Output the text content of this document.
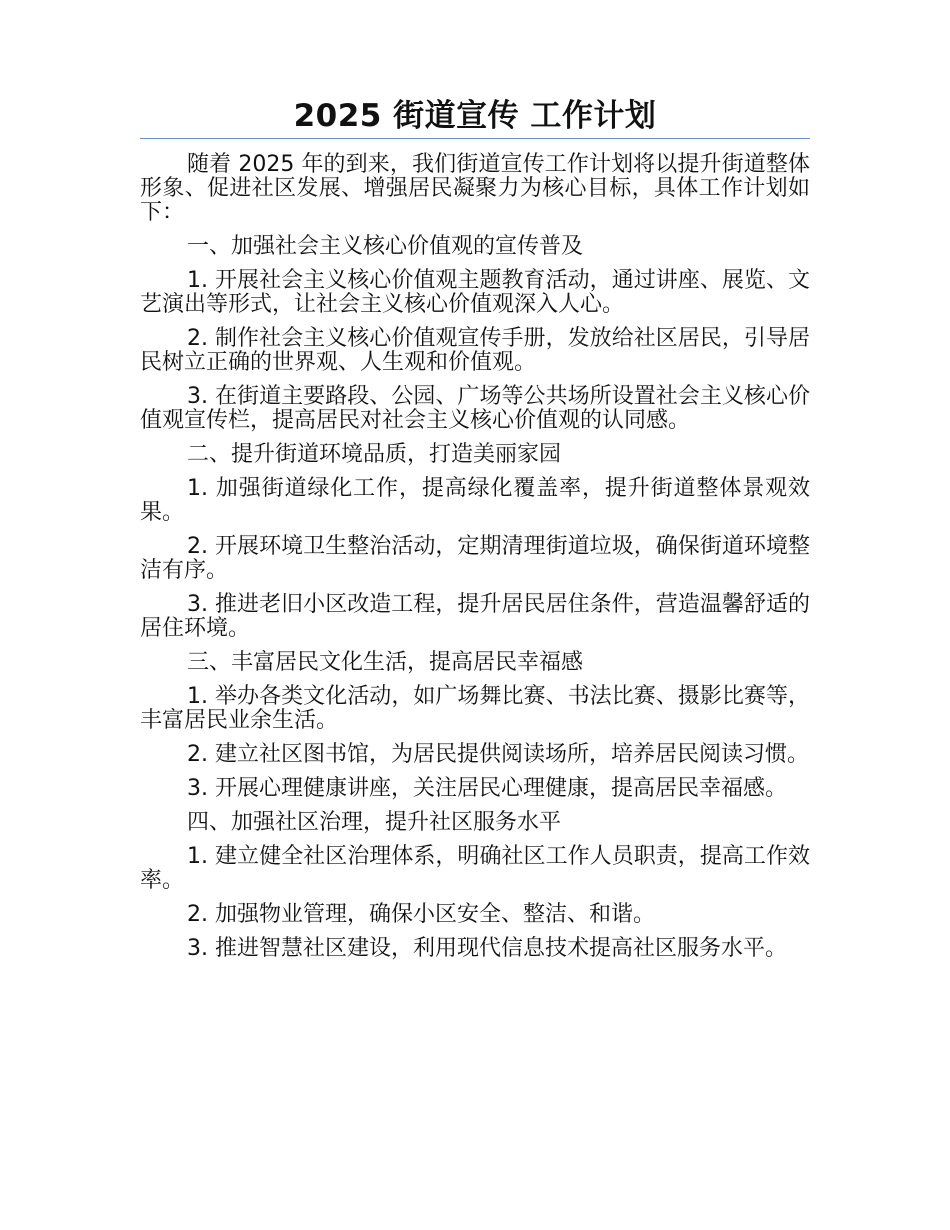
2025 街道宣传 工作计划

随着 2025 年的到来，我们街道宣传工作计划将以提升街道整体形象、促进社区发展、增强居民凝聚力为核心目标，具体工作计划如下：

一、加强社会主义核心价值观的宣传普及

1. 开展社会主义核心价值观主题教育活动，通过讲座、展览、文艺演出等形式，让社会主义核心价值观深入人心。

2. 制作社会主义核心价值观宣传手册，发放给社区居民，引导居民树立正确的世界观、人生观和价值观。

3. 在街道主要路段、公园、广场等公共场所设置社会主义核心价值观宣传栏，提高居民对社会主义核心价值观的认同感。

二、提升街道环境品质，打造美丽家园

1. 加强街道绿化工作，提高绿化覆盖率，提升街道整体景观效果。

2. 开展环境卫生整治活动，定期清理街道垃圾，确保街道环境整洁有序。

3. 推进老旧小区改造工程，提升居民居住条件，营造温馨舒适的居住环境。

三、丰富居民文化生活，提高居民幸福感

1. 举办各类文化活动，如广场舞比赛、书法比赛、摄影比赛等，丰富居民业余生活。

2. 建立社区图书馆，为居民提供阅读场所，培养居民阅读习惯。

3. 开展心理健康讲座，关注居民心理健康，提高居民幸福感。

四、加强社区治理，提升社区服务水平

1. 建立健全社区治理体系，明确社区工作人员职责，提高工作效率。

2. 加强物业管理，确保小区安全、整洁、和谐。

3. 推进智慧社区建设，利用现代信息技术提高社区服务水平。
